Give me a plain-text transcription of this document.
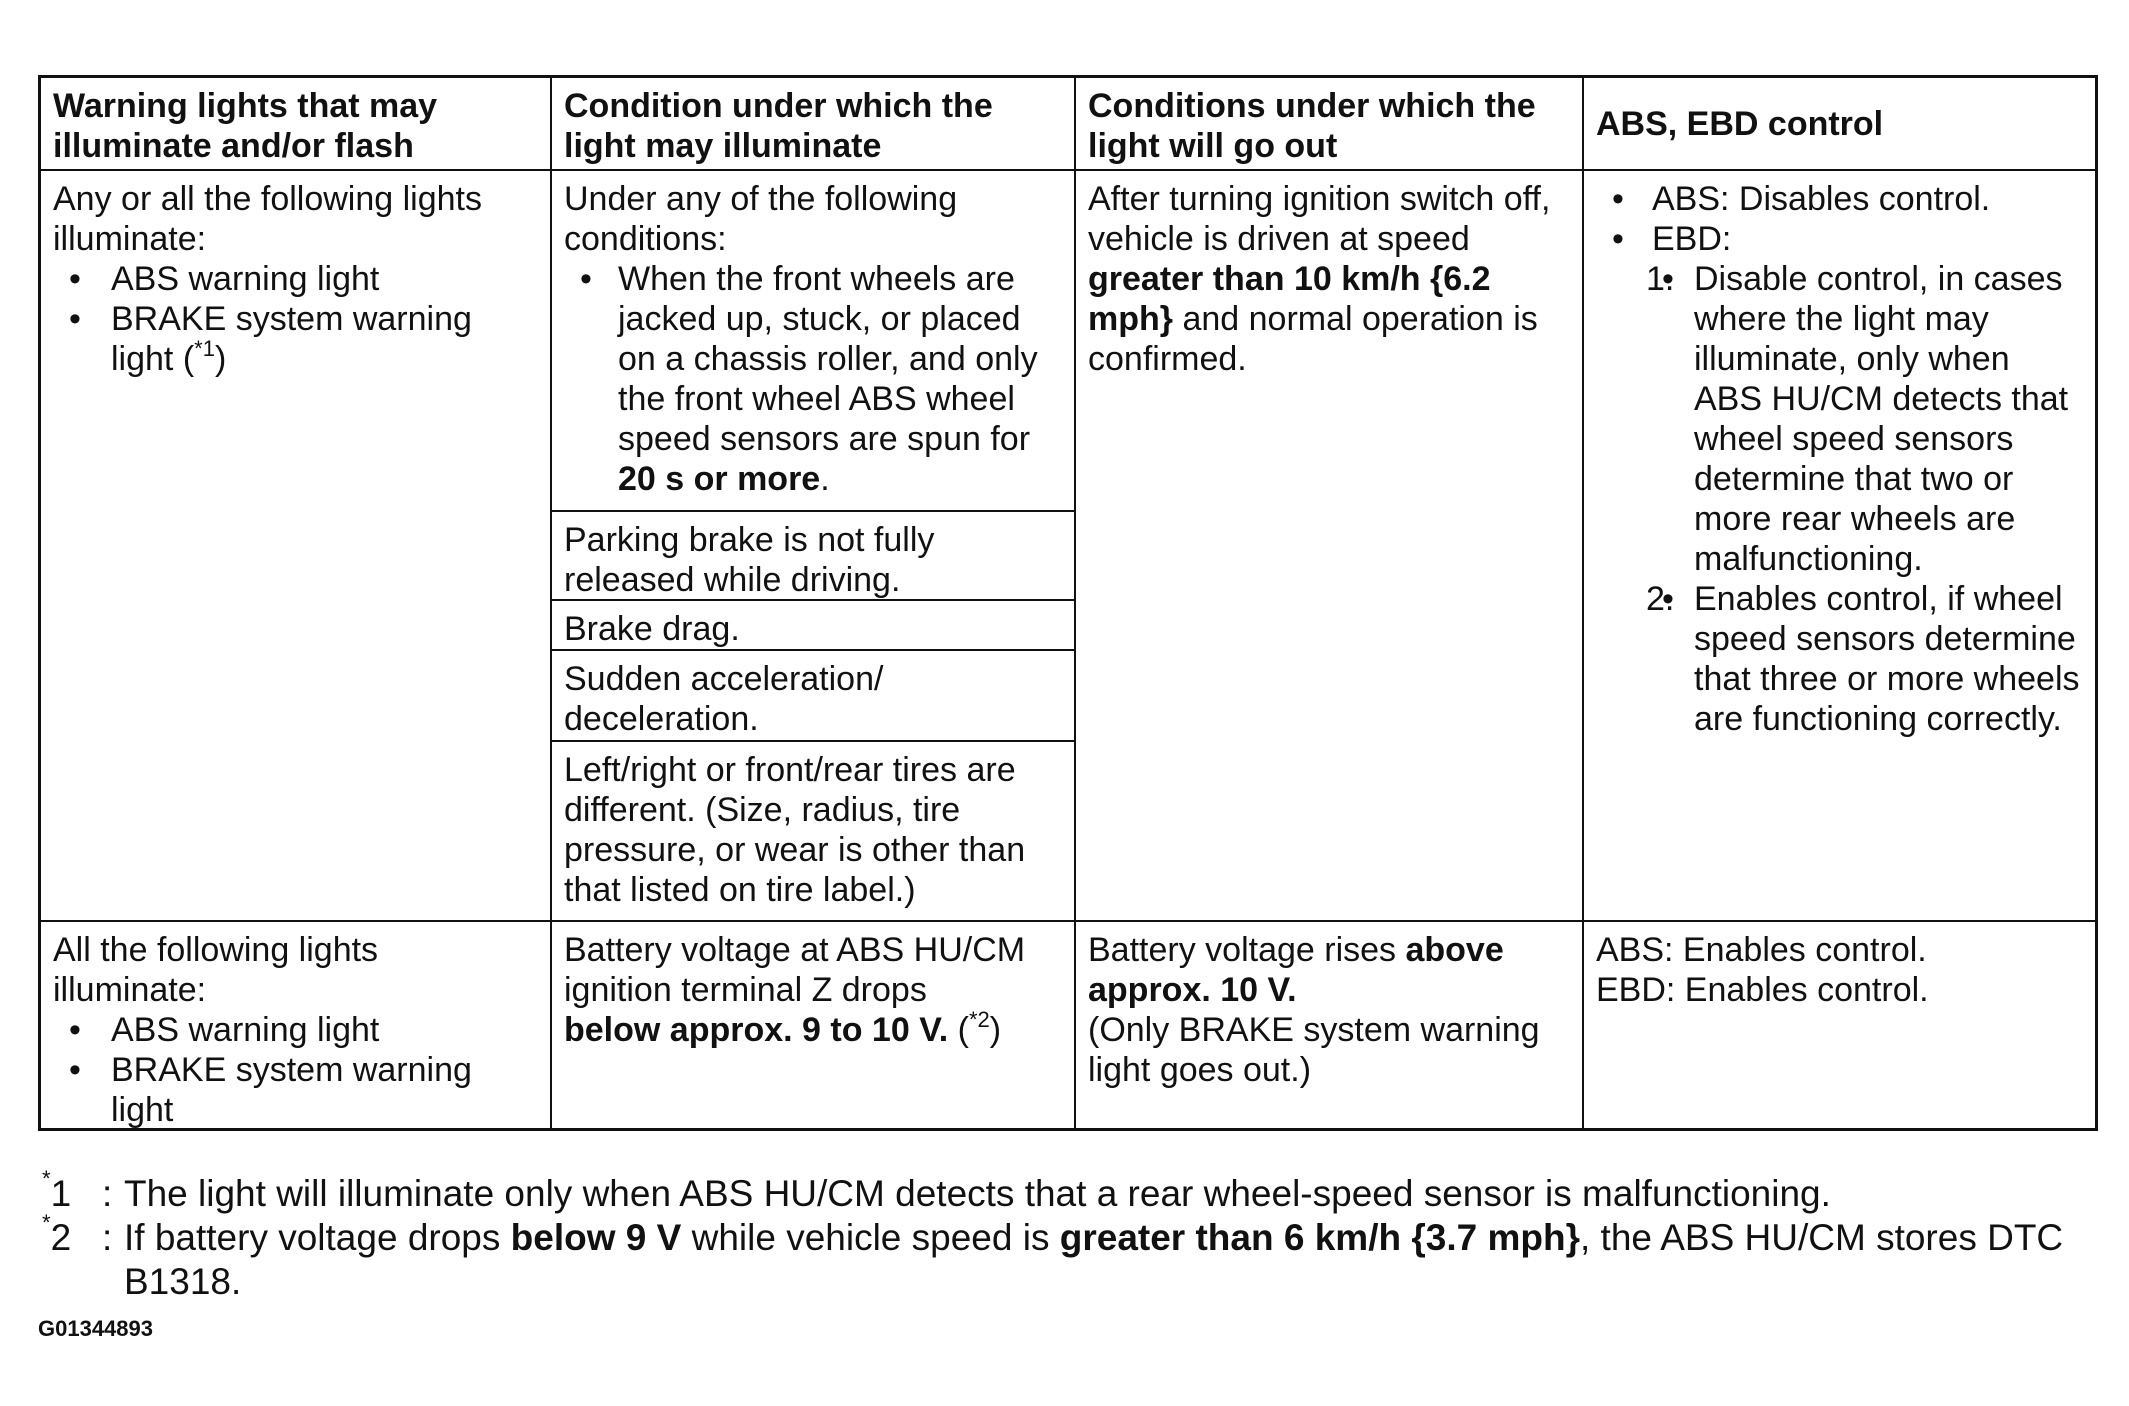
Warning lights that may illuminate and/or flash
Condition under which the light may illuminate
Conditions under which the light will go out
ABS, EBD control
Any or all the following lights illuminate:
• ABS warning light
• BRAKE system warning light ($^{*1}$)
Under any of the following conditions:
• When the front wheels are jacked up, stuck, or placed on a chassis roller, and only the front wheel ABS wheel speed sensors are spun for 20 s or more.
Parking brake is not fully released while driving.
Brake drag.
Sudden acceleration/ deceleration.
Left/right or front/rear tires are different. (Size, radius, tire pressure, or wear is other than that listed on tire label.)
After turning ignition switch off, vehicle is driven at speed greater than 10 km/h {6.2 mph} and normal operation is confirmed.
• ABS: Disables control.
• EBD:
• 1. Disable control, in cases where the light may illuminate, only when ABS HU/CM detects that wheel speed sensors determine that two or more rear wheels are malfunctioning.
• 2. Enables control, if wheel speed sensors determine that three or more wheels are functioning correctly.
All the following lights illuminate:
• ABS warning light
• BRAKE system warning light
Battery voltage at ABS HU/CM ignition terminal Z drops
below approx. 9 to 10 V. ($^{*2}$)
Battery voltage rises above approx. 10 V.
(Only BRAKE system warning light goes out.)
ABS: Enables control.
EBD: Enables control.
*1 : The light will illuminate only when ABS HU/CM detects that a rear wheel-speed sensor is malfunctioning.
*2 : If battery voltage drops below 9 V while vehicle speed is greater than 6 km/h {3.7 mph}, the ABS HU/CM stores DTC B1318.
G01344893
